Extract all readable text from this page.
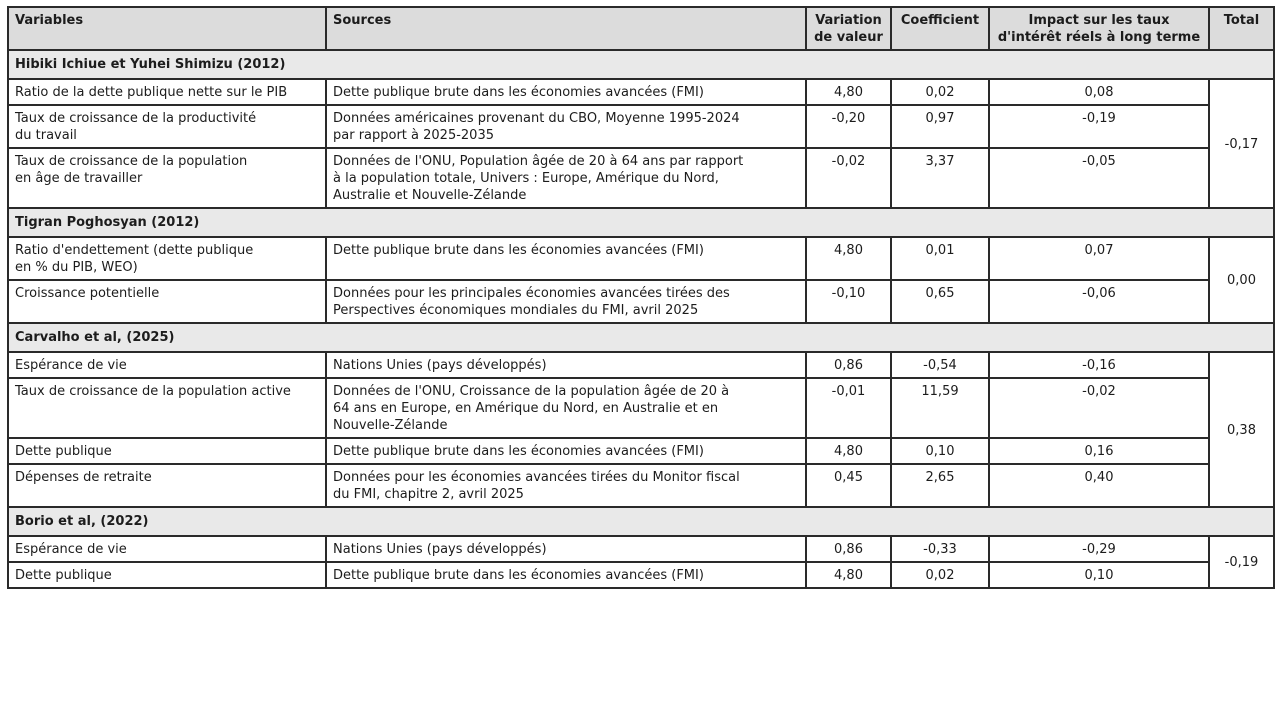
Variables	Sources	Variation
de valeur	Coefficient	Impact sur les taux
d'intérêt réels à long terme	Total
Hibiki Ichiue et Yuhei Shimizu (2012)					
Ratio de la dette publique nette sur le PIB	Dette publique brute dans les économies avancées (FMI)	4,80	0,02	0,08	-0,17
Taux de croissance de la productivité
du travail	Données américaines provenant du CBO, Moyenne 1995-2024
par rapport à 2025-2035	-0,20	0,97	-0,19	
Taux de croissance de la population
en âge de travailler	Données de l'ONU, Population âgée de 20 à 64 ans par rapport
à la population totale, Univers : Europe, Amérique du Nord,
Australie et Nouvelle-Zélande	-0,02	3,37	-0,05	
Tigran Poghosyan (2012)					
Ratio d'endettement (dette publique
en % du PIB, WEO)	Dette publique brute dans les économies avancées (FMI)	4,80	0,01	0,07	0,00
Croissance potentielle	Données pour les principales économies avancées tirées des
Perspectives économiques mondiales du FMI, avril 2025	-0,10	0,65	-0,06	
Carvalho et al, (2025)					
Espérance de vie	Nations Unies (pays développés)	0,86	-0,54	-0,16	0,38
Taux de croissance de la population active	Données de l'ONU, Croissance de la population âgée de 20 à
64 ans en Europe, en Amérique du Nord, en Australie et en
Nouvelle-Zélande	-0,01	11,59	-0,02	
Dette publique	Dette publique brute dans les économies avancées (FMI)	4,80	0,10	0,16	
Dépenses de retraite	Données pour les économies avancées tirées du Monitor fiscal
du FMI, chapitre 2, avril 2025	0,45	2,65	0,40	
Borio et al, (2022)					
Espérance de vie	Nations Unies (pays développés)	0,86	-0,33	-0,29	-0,19
Dette publique	Dette publique brute dans les économies avancées (FMI)	4,80	0,02	0,10	
